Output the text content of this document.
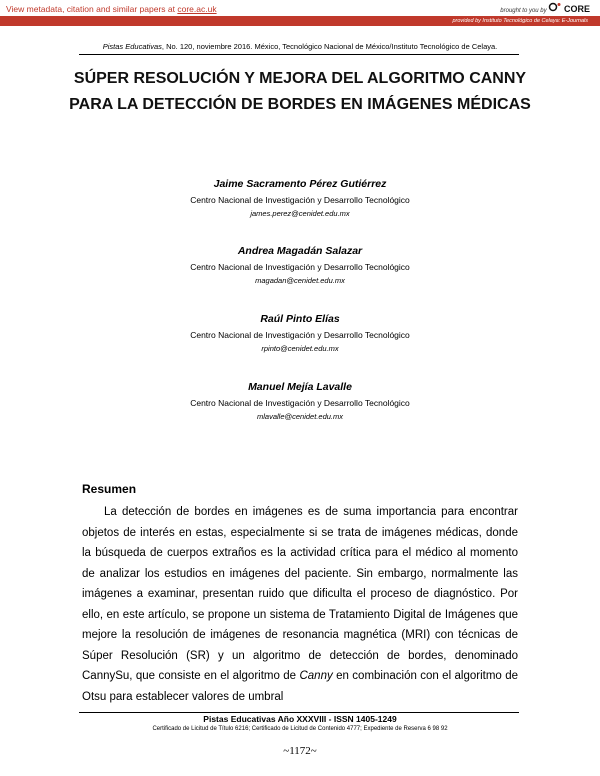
View metadata, citation and similar papers at core.ac.uk	brought to you by CORE
provided by Instituto Tecnológico de Celaya: E-Journals
Pistas Educativas, No. 120, noviembre 2016. México, Tecnológico Nacional de México/Instituto Tecnológico de Celaya.
SÚPER RESOLUCIÓN Y MEJORA DEL ALGORITMO CANNY PARA LA DETECCIÓN DE BORDES EN IMÁGENES MÉDICAS
Jaime Sacramento Pérez Gutiérrez
Centro Nacional de Investigación y Desarrollo Tecnológico
james.perez@cenidet.edu.mx
Andrea Magadán Salazar
Centro Nacional de Investigación y Desarrollo Tecnológico
magadan@cenidet.edu.mx
Raúl Pinto Elías
Centro Nacional de Investigación y Desarrollo Tecnológico
rpinto@cenidet.edu.mx
Manuel Mejía Lavalle
Centro Nacional de Investigación y Desarrollo Tecnológico
mlavalle@cenidet.edu.mx
Resumen

La detección de bordes en imágenes es de suma importancia para encontrar objetos de interés en estas, especialmente si se trata de imágenes médicas, donde la búsqueda de cuerpos extraños es la actividad crítica para el médico al momento de analizar los estudios en imágenes del paciente. Sin embargo, normalmente las imágenes a examinar, presentan ruido que dificulta el proceso de diagnóstico. Por ello, en este artículo, se propone un sistema de Tratamiento Digital de Imágenes que mejore la resolución de imágenes de resonancia magnética (MRI) con técnicas de Súper Resolución (SR) y un algoritmo de detección de bordes, denominado CannySu, que consiste en el algoritmo de Canny en combinación con el algoritmo de Otsu para establecer valores de umbral

Pistas Educativas Año XXXVIII - ISSN 1405-1249
Certificado de Licitud de Título 6216; Certificado de Licitud de Contenido 4777; Expediente de Reserva 6 98 92
~1172~
